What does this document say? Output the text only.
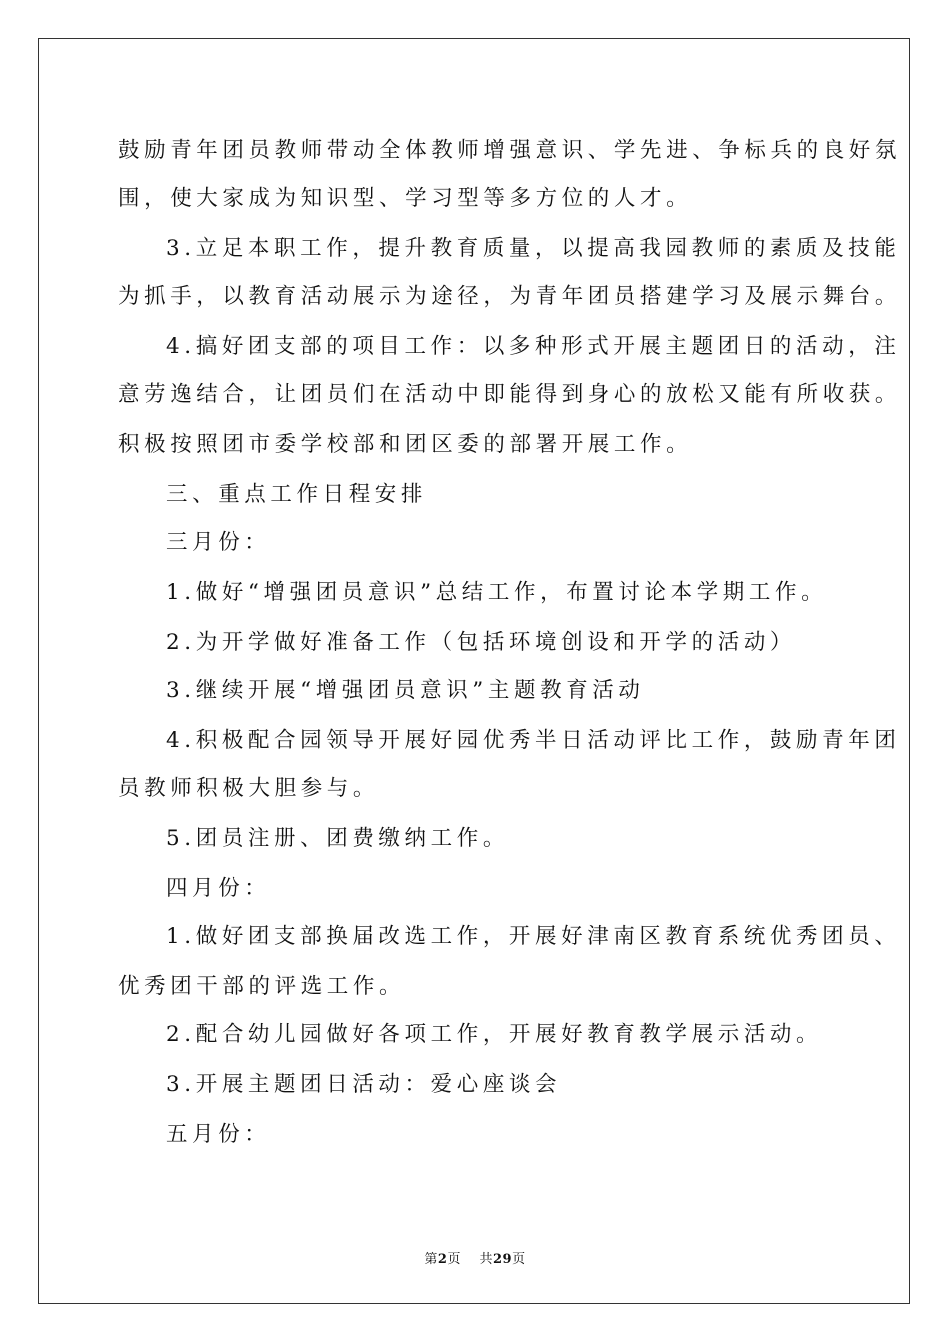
鼓励青年团员教师带动全体教师增强意识、学先进、争标兵的良好氛
围，使大家成为知识型、学习型等多方位的人才。
3.立足本职工作，提升教育质量，以提高我园教师的素质及技能
为抓手，以教育活动展示为途径，为青年团员搭建学习及展示舞台。
4.搞好团支部的项目工作：以多种形式开展主题团日的活动，注
意劳逸结合，让团员们在活动中即能得到身心的放松又能有所收获。
积极按照团市委学校部和团区委的部署开展工作。
三、重点工作日程安排
三月份：
1.做好“增强团员意识”总结工作，布置讨论本学期工作。
2.为开学做好准备工作（包括环境创设和开学的活动）
3.继续开展“增强团员意识”主题教育活动
4.积极配合园领导开展好园优秀半日活动评比工作，鼓励青年团
员教师积极大胆参与。
5.团员注册、团费缴纳工作。
四月份：
1.做好团支部换届改选工作，开展好津南区教育系统优秀团员、
优秀团干部的评选工作。
2.配合幼儿园做好各项工作，开展好教育教学展示活动。
3.开展主题团日活动：爱心座谈会
五月份：
第2页 共29页
